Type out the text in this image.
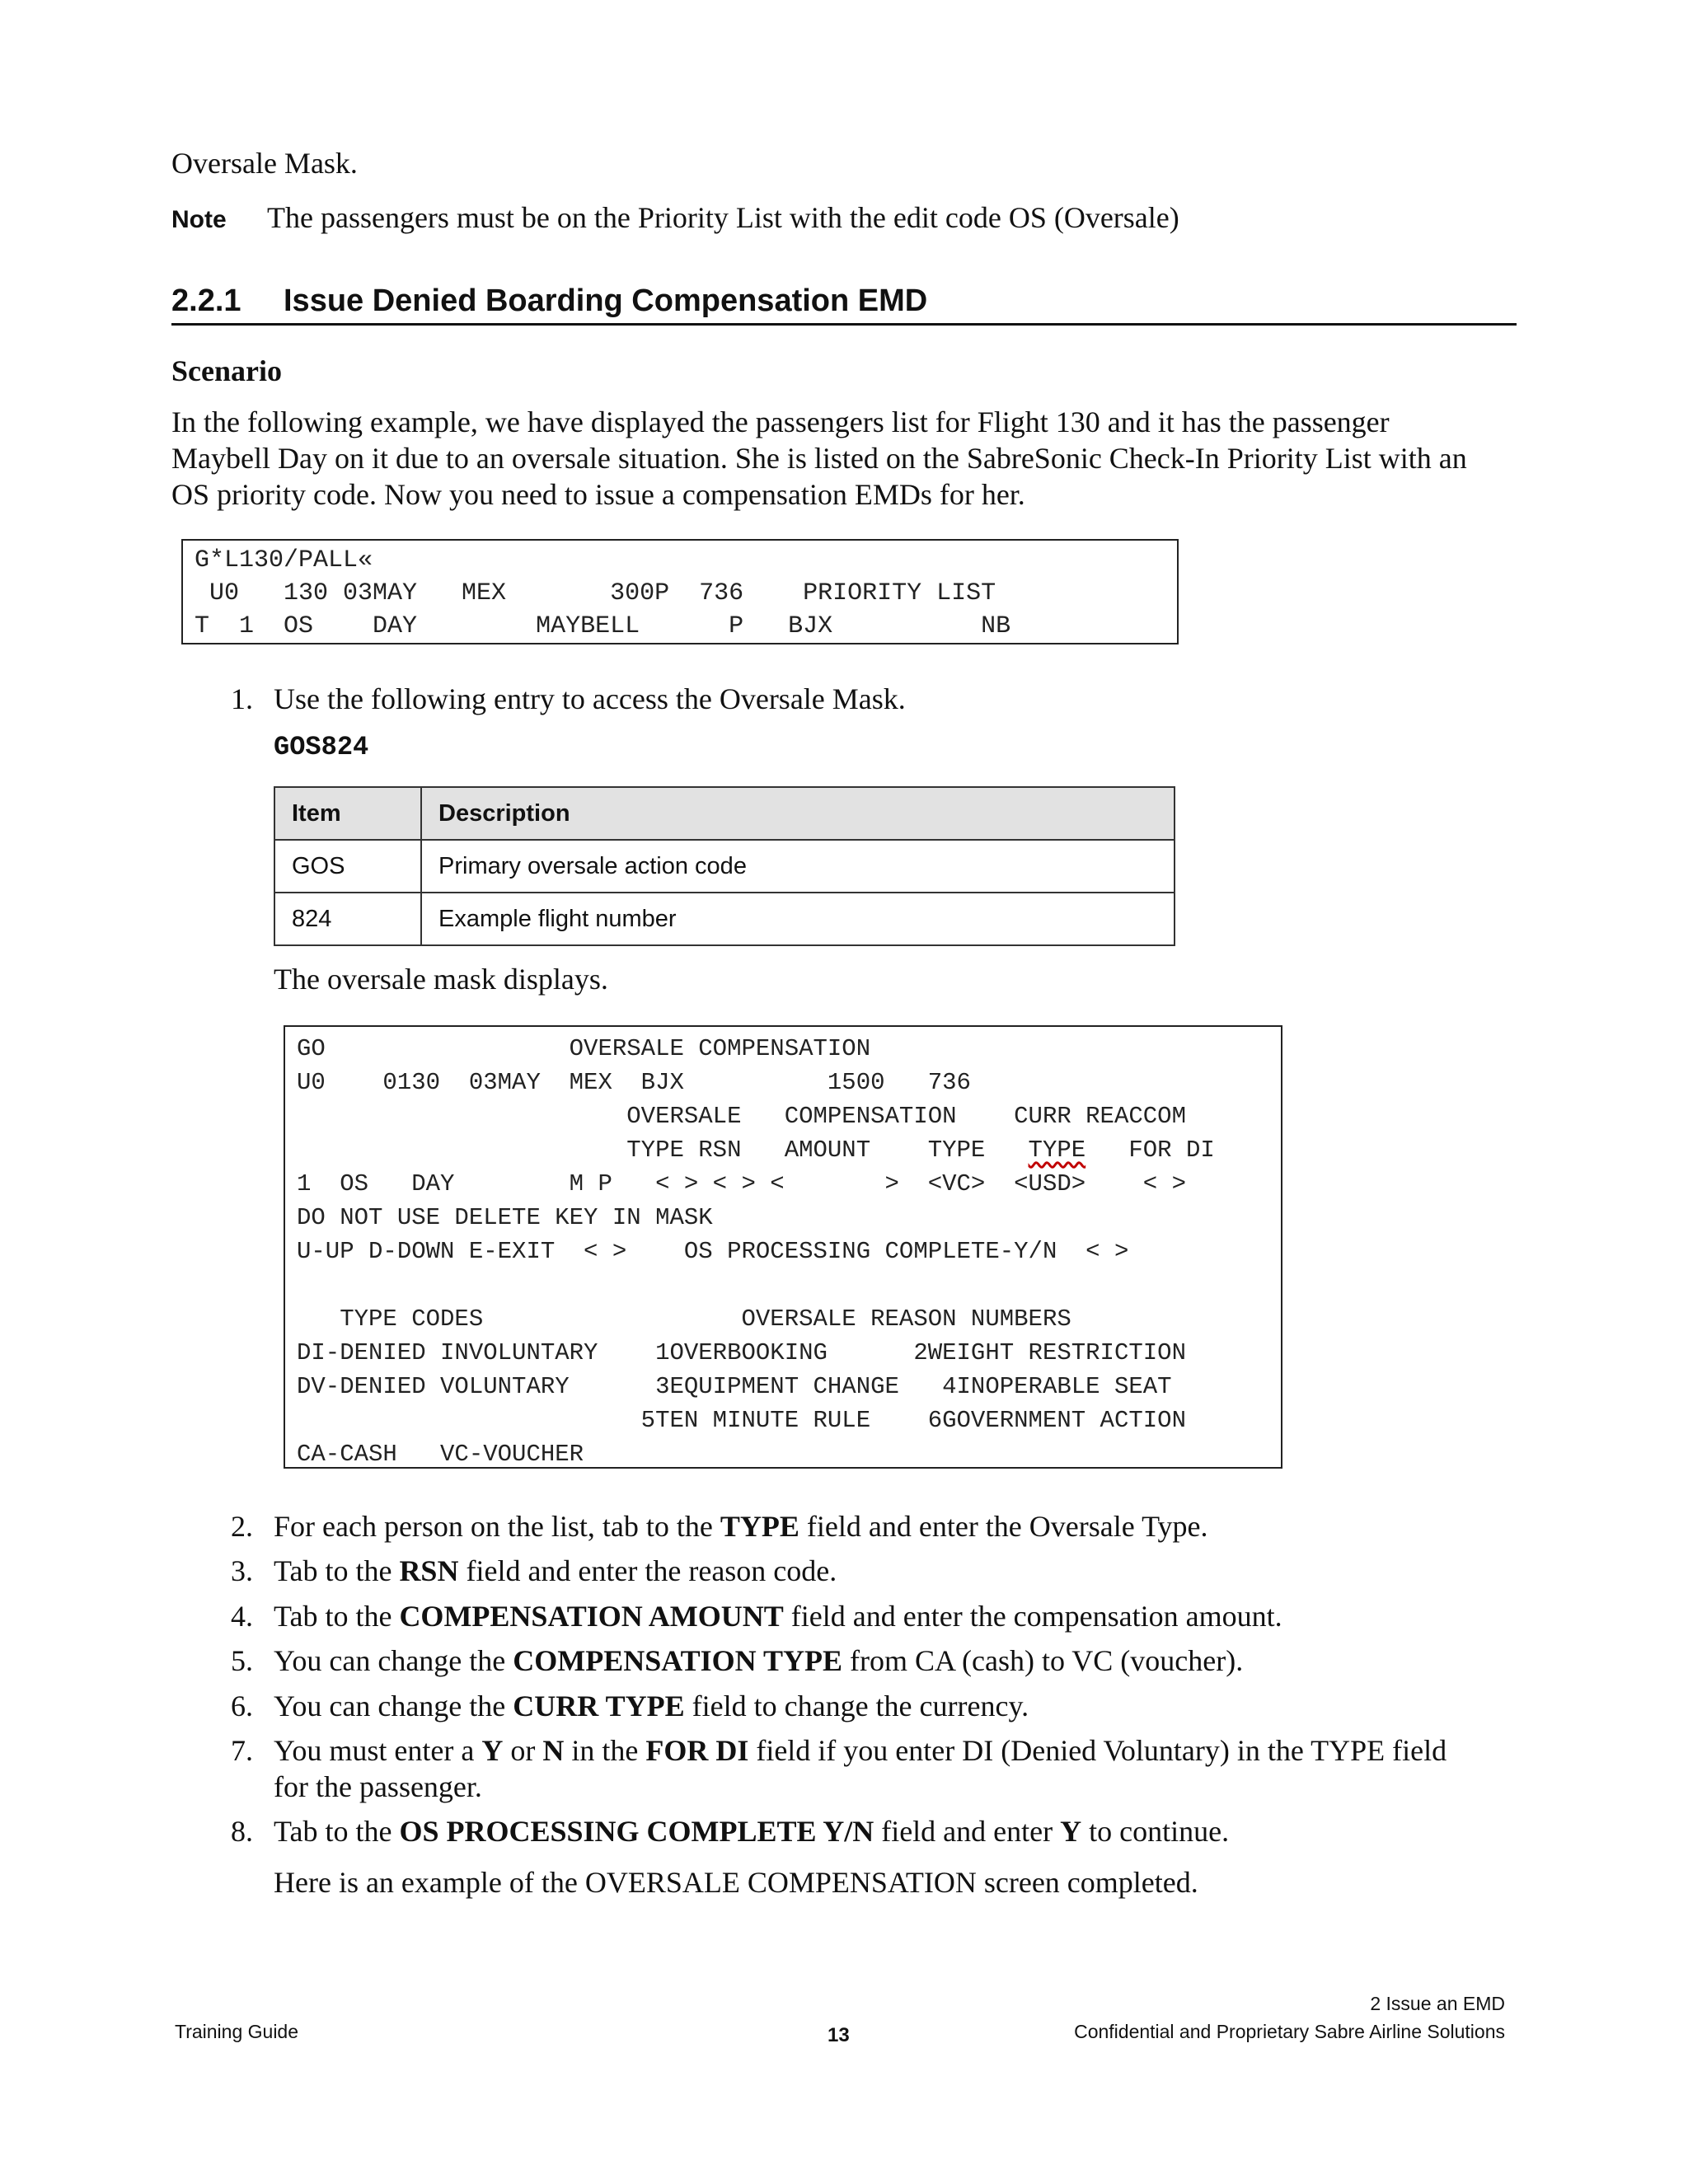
Oversale Mask.
Note	The passengers must be on the Priority List with the edit code OS (Oversale)
2.2.1 Issue Denied Boarding Compensation EMD
Scenario
In the following example, we have displayed the passengers list for Flight 130 and it has the passenger
Maybell Day on it due to an oversale situation. She is listed on the SabreSonic Check-In Priority List with an
OS priority code. Now you need to issue a compensation EMDs for her.
G*L130/PALL«
U0   130 03MAY   MEX       300P  736    PRIORITY LIST
T  1  OS    DAY        MAYBELL      P   BJX          NB
1. Use the following entry to access the Oversale Mask.
GOS824
Item	Description
GOS	Primary oversale action code
824	Example flight number
The oversale mask displays.
GO                 OVERSALE COMPENSATION
U0    0130  03MAY  MEX  BJX          1500   736
OVERSALE   COMPENSATION    CURR REACCOM
TYPE RSN   AMOUNT    TYPE   TYPE   FOR DI
1  OS   DAY        M P   < > < > <       >  <VC>  <USD>    < >
DO NOT USE DELETE KEY IN MASK
U-UP D-DOWN E-EXIT  < >    OS PROCESSING COMPLETE-Y/N  < >
TYPE CODES                  OVERSALE REASON NUMBERS
DI-DENIED INVOLUNTARY    1OVERBOOKING      2WEIGHT RESTRICTION
DV-DENIED VOLUNTARY      3EQUIPMENT CHANGE   4INOPERABLE SEAT
5TEN MINUTE RULE    6GOVERNMENT ACTION
CA-CASH   VC-VOUCHER
2. For each person on the list, tab to the TYPE field and enter the Oversale Type.
3. Tab to the RSN field and enter the reason code.
4. Tab to the COMPENSATION AMOUNT field and enter the compensation amount.
5. You can change the COMPENSATION TYPE from CA (cash) to VC (voucher).
6. You can change the CURR TYPE field to change the currency.
7. You must enter a Y or N in the FOR DI field if you enter DI (Denied Voluntary) in the TYPE field
for the passenger.
8. Tab to the OS PROCESSING COMPLETE Y/N field and enter Y to continue.
Here is an example of the OVERSALE COMPENSATION screen completed.
2 Issue an EMD
Training Guide	13	Confidential and Proprietary Sabre Airline Solutions
